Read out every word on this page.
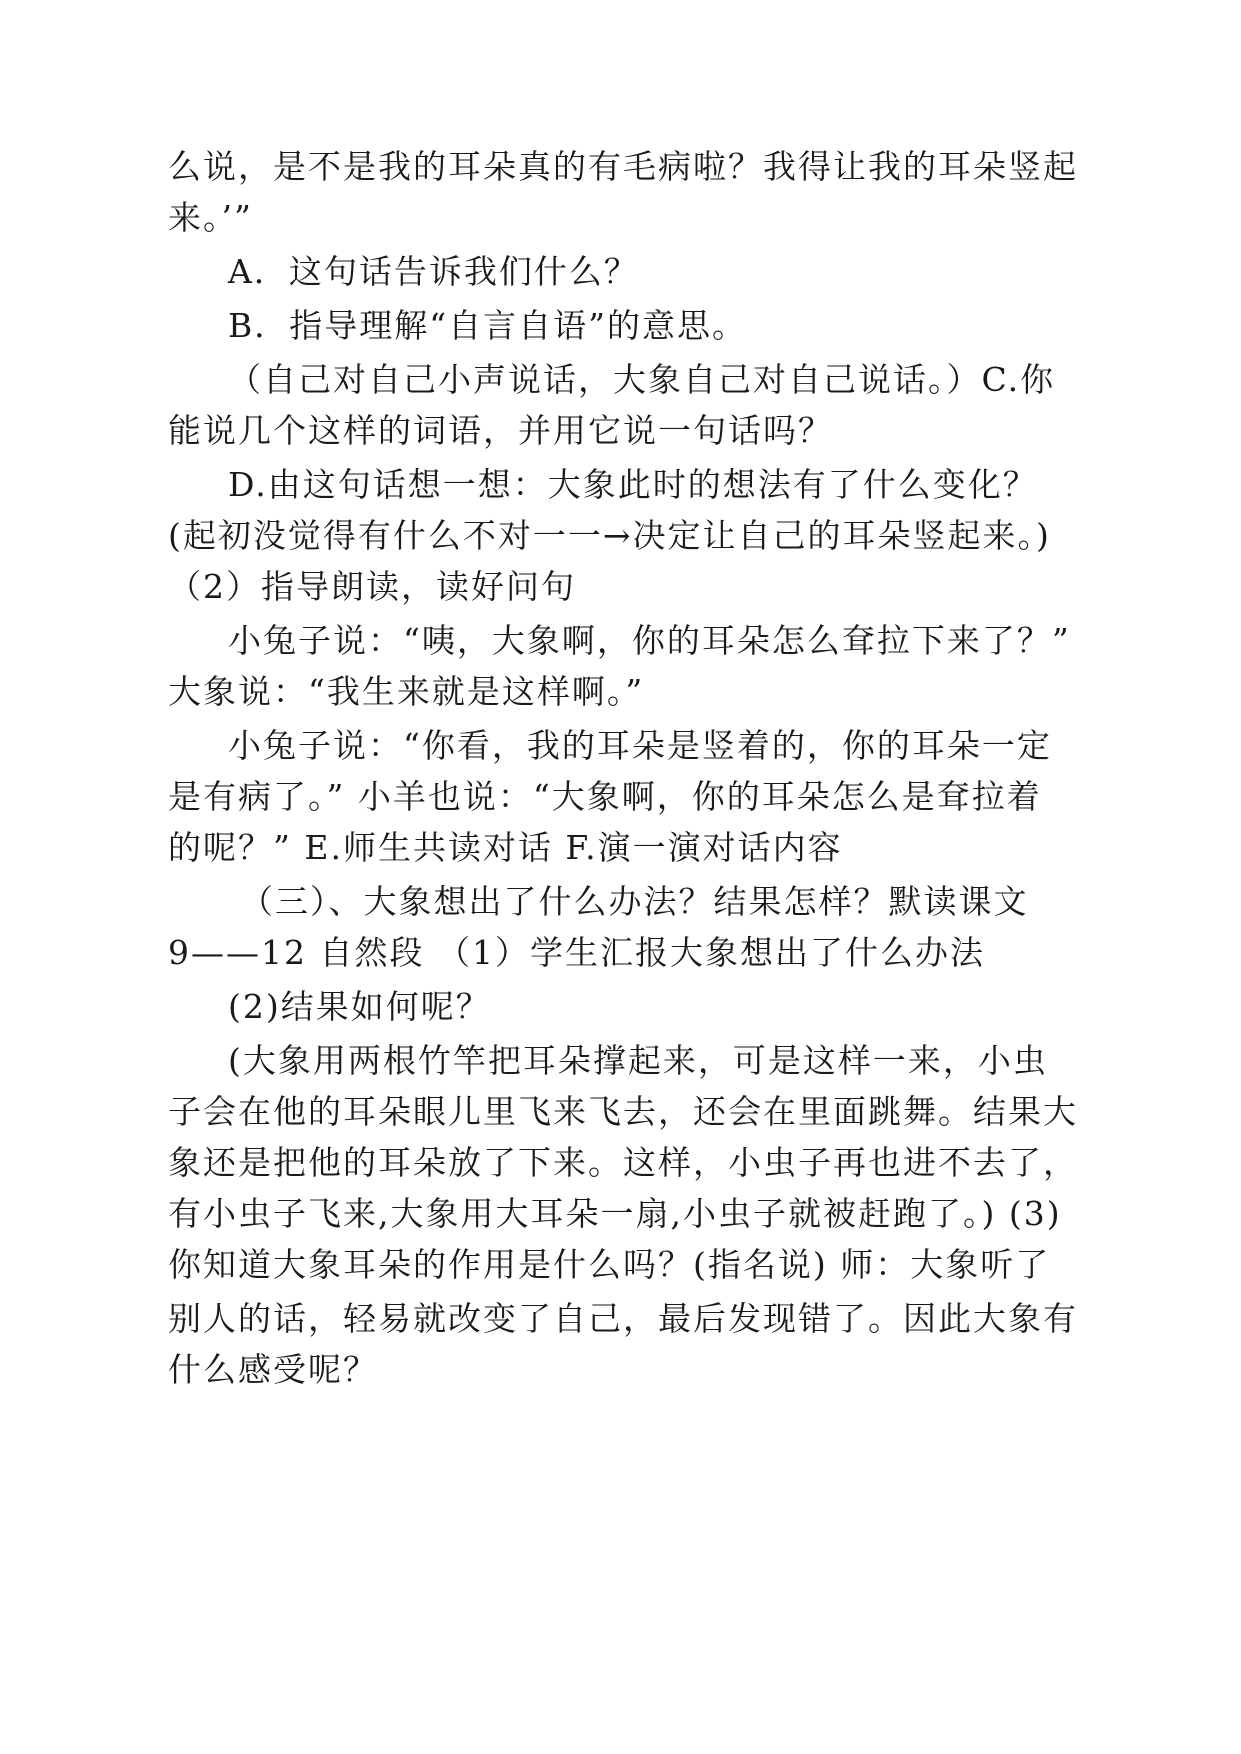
么说，是不是我的耳朵真的有毛病啦？我得让我的耳朵竖起
来。’”
A．这句话告诉我们什么？
B．指导理解“自言自语”的意思。
（自己对自己小声说话，大象自己对自己说话。）C.你
能说几个这样的词语，并用它说一句话吗？
D.由这句话想一想：大象此时的想法有了什么变化？
(起初没觉得有什么不对一一→决定让自己的耳朵竖起来。)
（2）指导朗读，读好问句
小兔子说：“咦，大象啊，你的耳朵怎么耷拉下来了？”
大象说：“我生来就是这样啊。”
小兔子说：“你看，我的耳朵是竖着的，你的耳朵一定
是有病了。” 小羊也说：“大象啊，你的耳朵怎么是耷拉着
的呢？” E.师生共读对话 F.演一演对话内容
（三）、大象想出了什么办法？结果怎样？默读课文
9——12 自然段 （1）学生汇报大象想出了什么办法
(2)结果如何呢？
(大象用两根竹竿把耳朵撑起来，可是这样一来，小虫
子会在他的耳朵眼儿里飞来飞去，还会在里面跳舞。结果大
象还是把他的耳朵放了下来。这样，小虫子再也进不去了，
有小虫子飞来,大象用大耳朵一扇,小虫子就被赶跑了。) (3)
你知道大象耳朵的作用是什么吗？(指名说) 师：大象听了
别人的话，轻易就改变了自己，最后发现错了。因此大象有
什么感受呢？
